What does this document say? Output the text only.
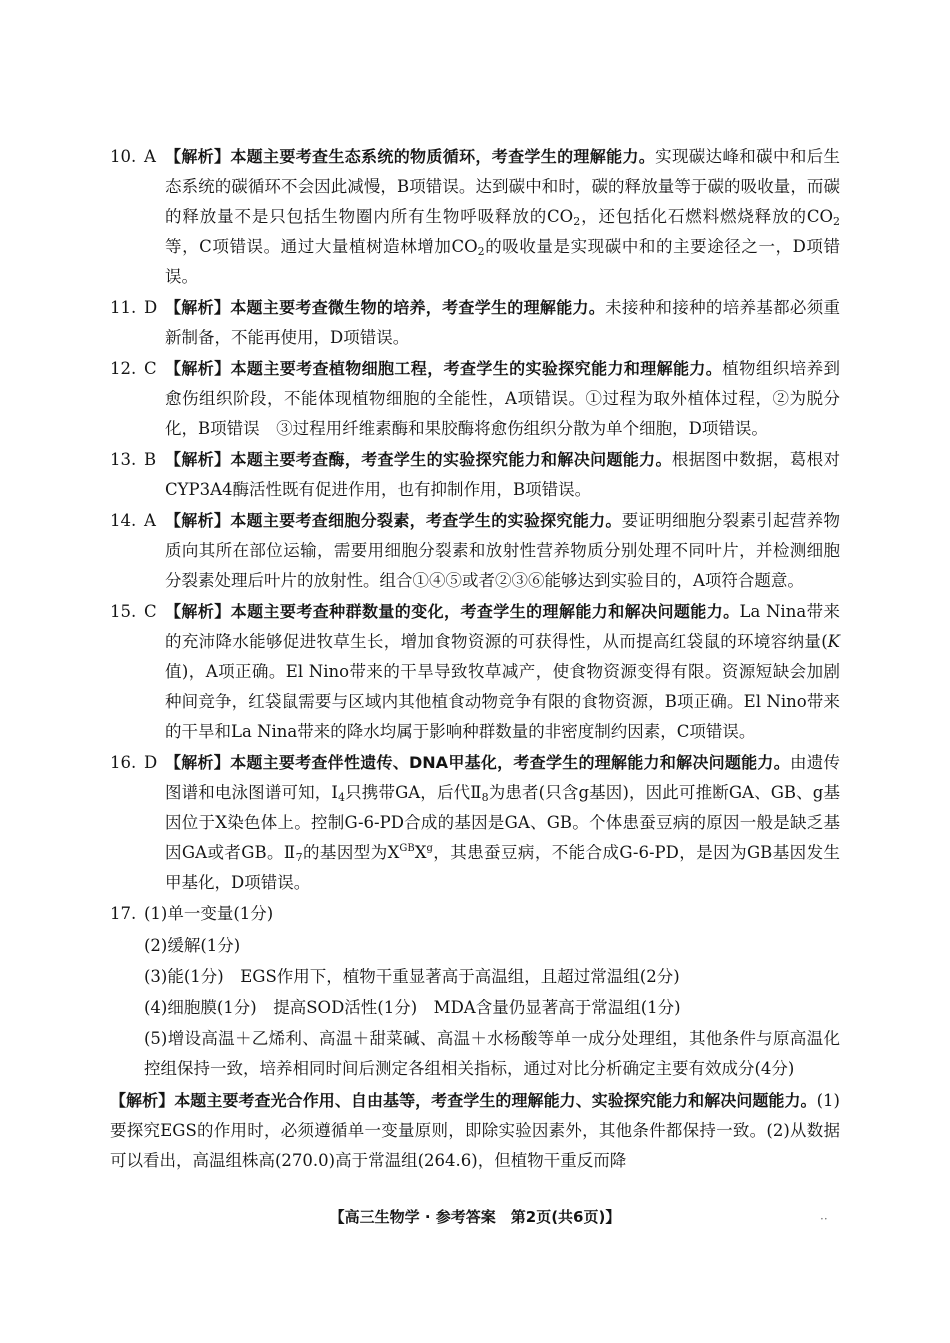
10. A 【解析】本题主要考查生态系统的物质循环，考查学生的理解能力。实现碳达峰和碳中和后生态系统的碳循环不会因此减慢，B项错误。达到碳中和时，碳的释放量等于碳的吸收量，而碳的释放量不是只包括生物圈内所有生物呼吸释放的$CO_2$，还包括化石燃料燃烧释放的$CO_2$等，C项错误。通过大量植树造林增加$CO_2$的吸收量是实现碳中和的主要途径之一，D项错误。
11. D 【解析】本题主要考查微生物的培养，考查学生的理解能力。未接种和接种的培养基都必须重新制备，不能再使用，D项错误。
12. C 【解析】本题主要考查植物细胞工程，考查学生的实验探究能力和理解能力。植物组织培养到愈伤组织阶段，不能体现植物细胞的全能性，A项错误。①过程为取外植体过程，②为脱分化，B项错误　③过程用纤维素酶和果胶酶将愈伤组织分散为单个细胞，D项错误。
13. B 【解析】本题主要考查酶，考查学生的实验探究能力和解决问题能力。根据图中数据，葛根对CYP3A4酶活性既有促进作用，也有抑制作用，B项错误。
14. A 【解析】本题主要考查细胞分裂素，考查学生的实验探究能力。要证明细胞分裂素引起营养物质向其所在部位运输，需要用细胞分裂素和放射性营养物质分别处理不同叶片，并检测细胞分裂素处理后叶片的放射性。组合①④⑤或者②③⑥能够达到实验目的，A项符合题意。
15. C 【解析】本题主要考查种群数量的变化，考查学生的理解能力和解决问题能力。La Nina带来的充沛降水能够促进牧草生长，增加食物资源的可获得性，从而提高红袋鼠的环境容纳量(K 值)，A项正确。El Nino带来的干旱导致牧草减产，使食物资源变得有限。资源短缺会加剧种间竞争，红袋鼠需要与区域内其他植食动物竞争有限的食物资源，B项正确。El Nino带来的干旱和La Nina带来的降水均属于影响种群数量的非密度制约因素，C项错误。
16. D 【解析】本题主要考查伴性遗传、DNA甲基化，考查学生的理解能力和解决问题能力。由遗传图谱和电泳图谱可知，$Ⅰ_4$只携带GA，后代$Ⅱ_8$为患者(只含g基因)，因此可推断GA、GB、g基因位于X染色体上。控制G-6-PD合成的基因是GA、GB。个体患蚕豆病的原因一般是缺乏基因GA或者GB。$Ⅱ_7$的基因型为$X^{GB}X^g$，其患蚕豆病，不能合成G-6-PD，是因为GB基因发生甲基化，D项错误。
17. (1)单一变量(1分)
(2)缓解(1分)
(3)能(1分)　EGS作用下，植物干重显著高于高温组，且超过常温组(2分)
(4)细胞膜(1分)　提高SOD活性(1分)　MDA含量仍显著高于常温组(1分)
(5)增设高温＋乙烯利、高温＋甜菜碱、高温＋水杨酸等单一成分处理组，其他条件与原高温化控组保持一致，培养相同时间后测定各组相关指标，通过对比分析确定主要有效成分(4分)
【解析】本题主要考查光合作用、自由基等，考查学生的理解能力、实验探究能力和解决问题能力。(1)要探究EGS的作用时，必须遵循单一变量原则，即除实验因素外，其他条件都保持一致。(2)从数据可以看出，高温组株高(270.0)高于常温组(264.6)，但植物干重反而降
【高三生物学 · 参考答案　第2页(共6页)】	··
